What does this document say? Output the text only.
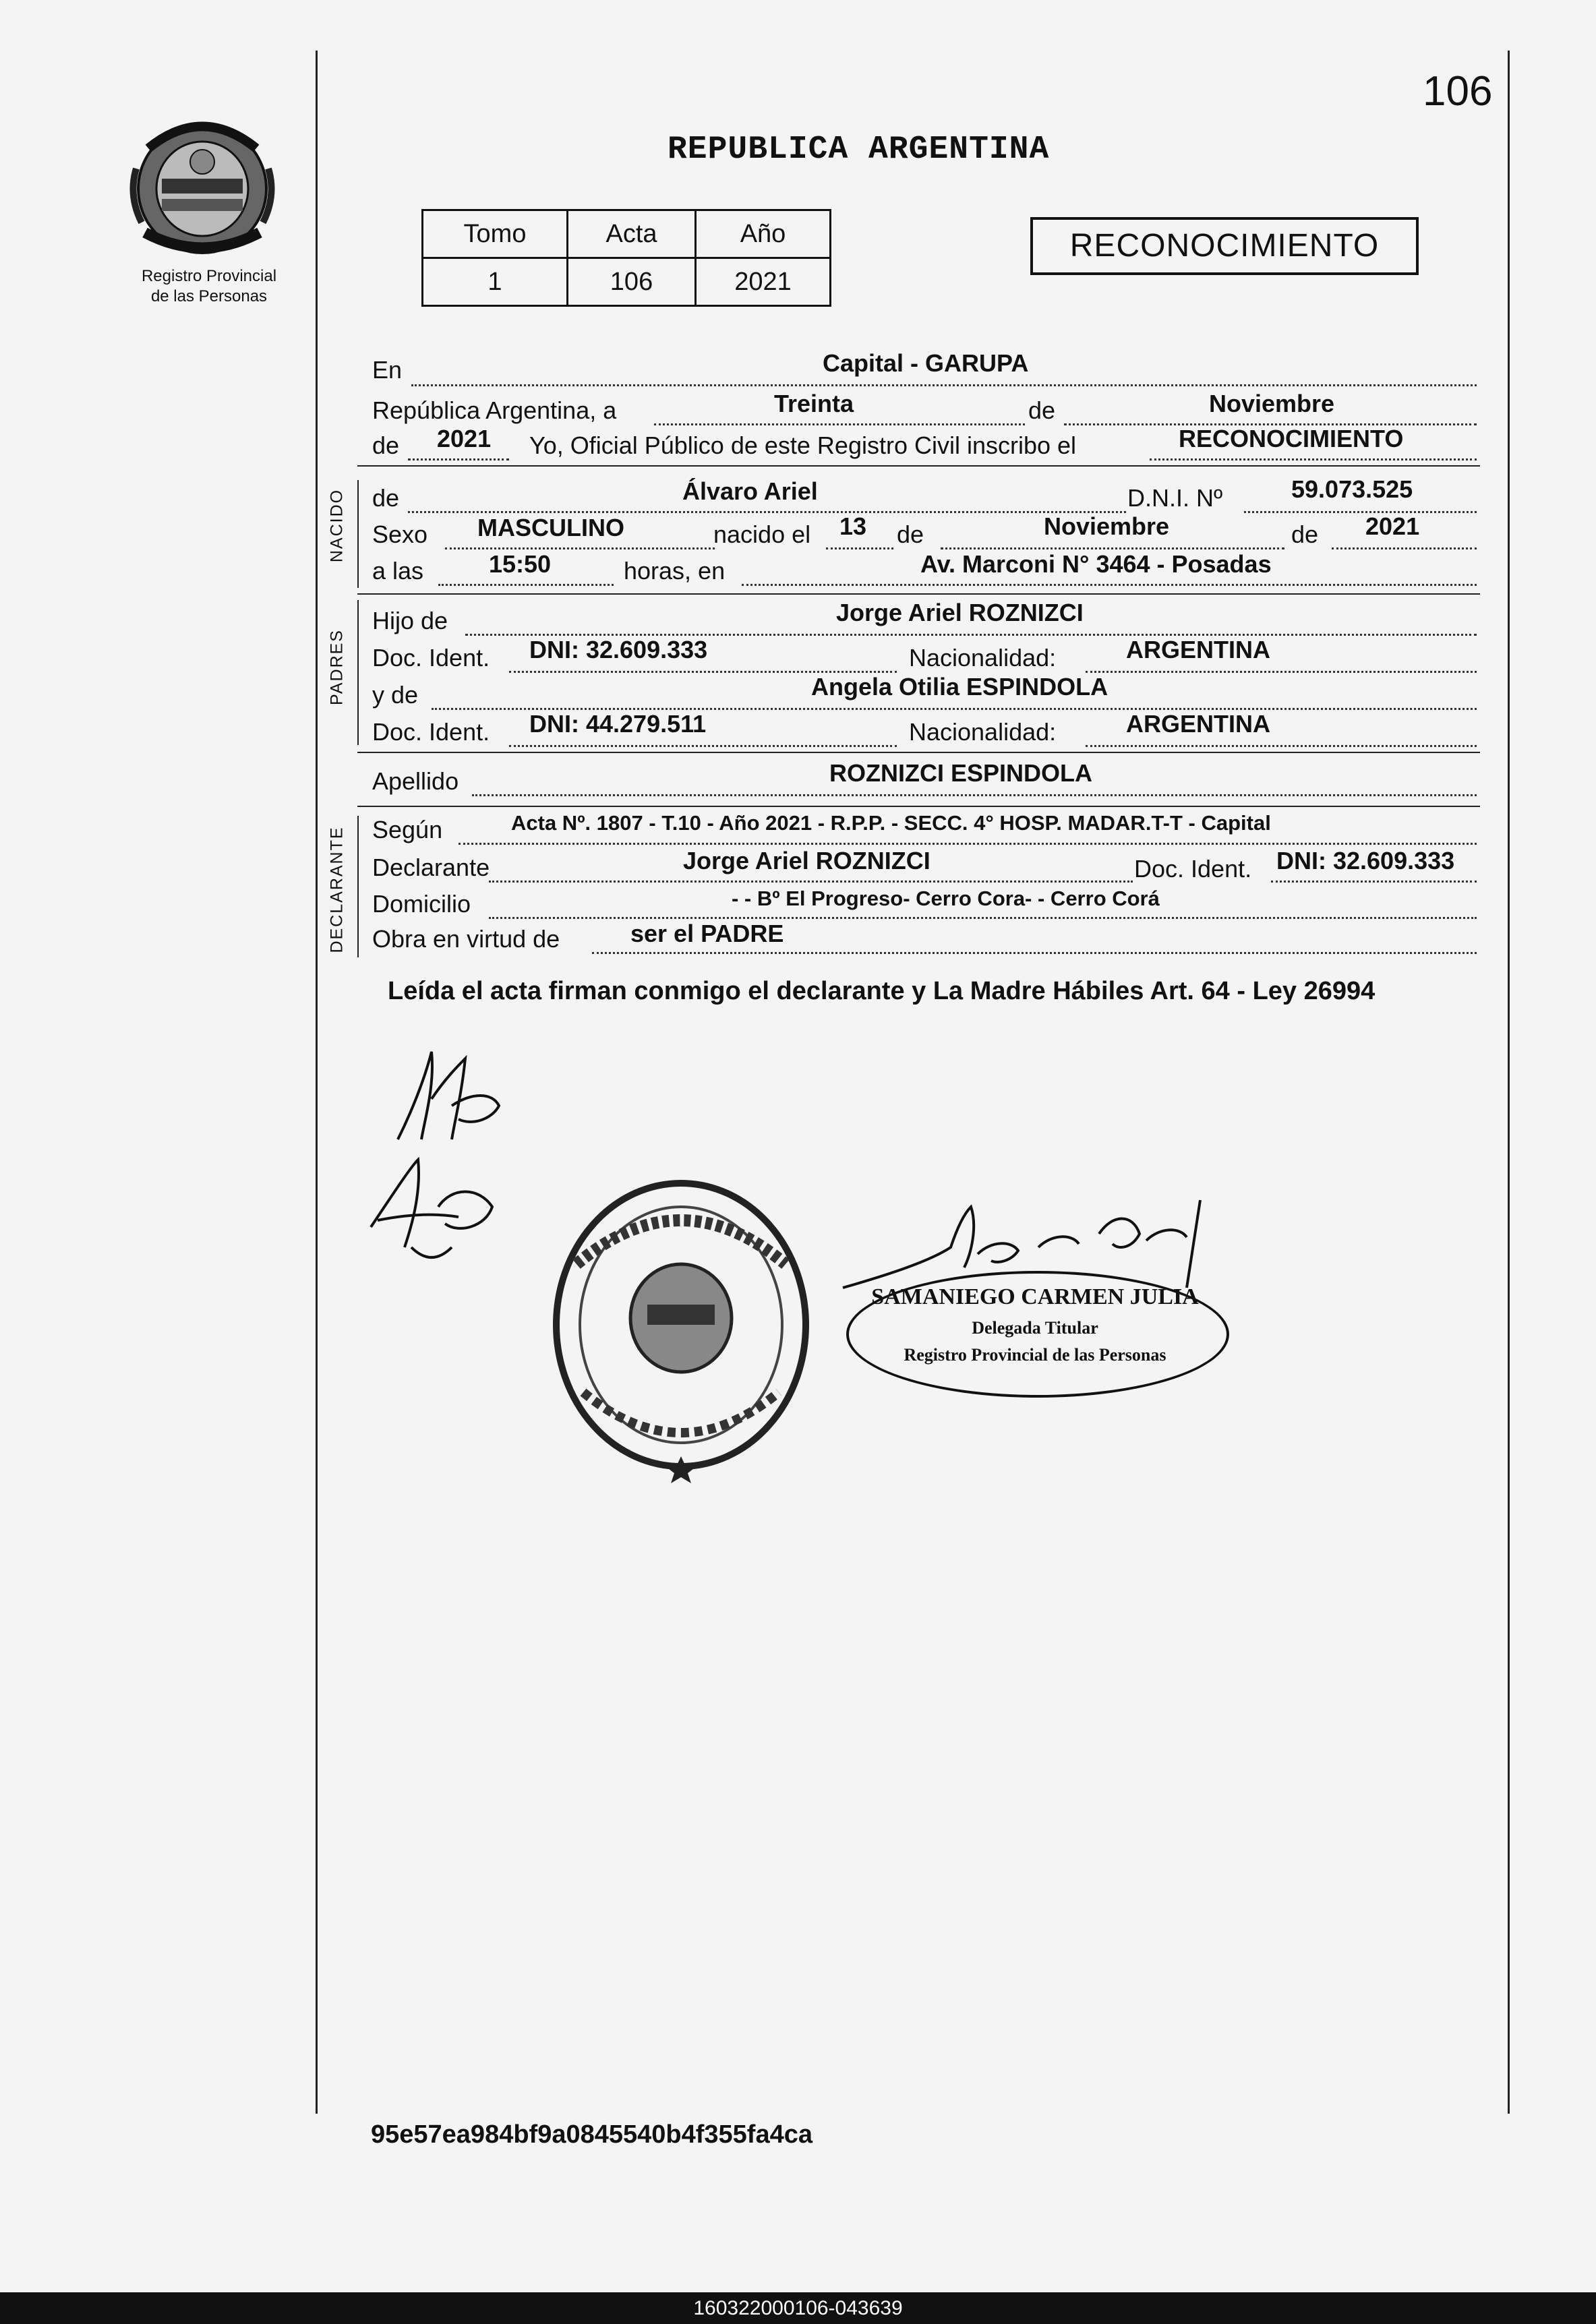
106
REPUBLICA ARGENTINA
Registro Provincial
de las Personas
Tomo	Acta	Año
1	106	2021
RECONOCIMIENTO
NACIDO
PADRES
DECLARANTE
En	Capital - GARUPA
República Argentina, a	Treinta	de	Noviembre
de 2021 Yo, Oficial Público de este Registro Civil inscribo el	RECONOCIMIENTO
de	Álvaro Ariel	D.N.I. Nº	59.073.525
Sexo MASCULINO	nacido el 13 de	Noviembre	de 2021
a las	15:50	horas, en	Av. Marconi N° 3464 - Posadas
Hijo de	Jorge Ariel ROZNIZCI
Doc. Ident. DNI: 32.609.333	Nacionalidad:	ARGENTINA
y de	Angela Otilia ESPINDOLA
Doc. Ident. DNI: 44.279.511	Nacionalidad:	ARGENTINA
Apellido	ROZNIZCI ESPINDOLA
Según	Acta Nº. 1807 - T.10 - Año 2021 - R.P.P. - SECC. 4° HOSP. MADAR.T-T - Capital
Declarante	Jorge Ariel ROZNIZCI	Doc. Ident. DNI: 32.609.333
Domicilio	- - Bº El Progreso- Cerro Cora- - Cerro Corá
Obra en virtud de	ser el PADRE
Leída el acta firman conmigo el declarante y La Madre Hábiles Art. 64 - Ley 26994
SAMANIEGO CARMEN JULIA
Delegada Titular
Registro Provincial de las Personas
95e57ea984bf9a0845540b4f355fa4ca
160322000106-043639
